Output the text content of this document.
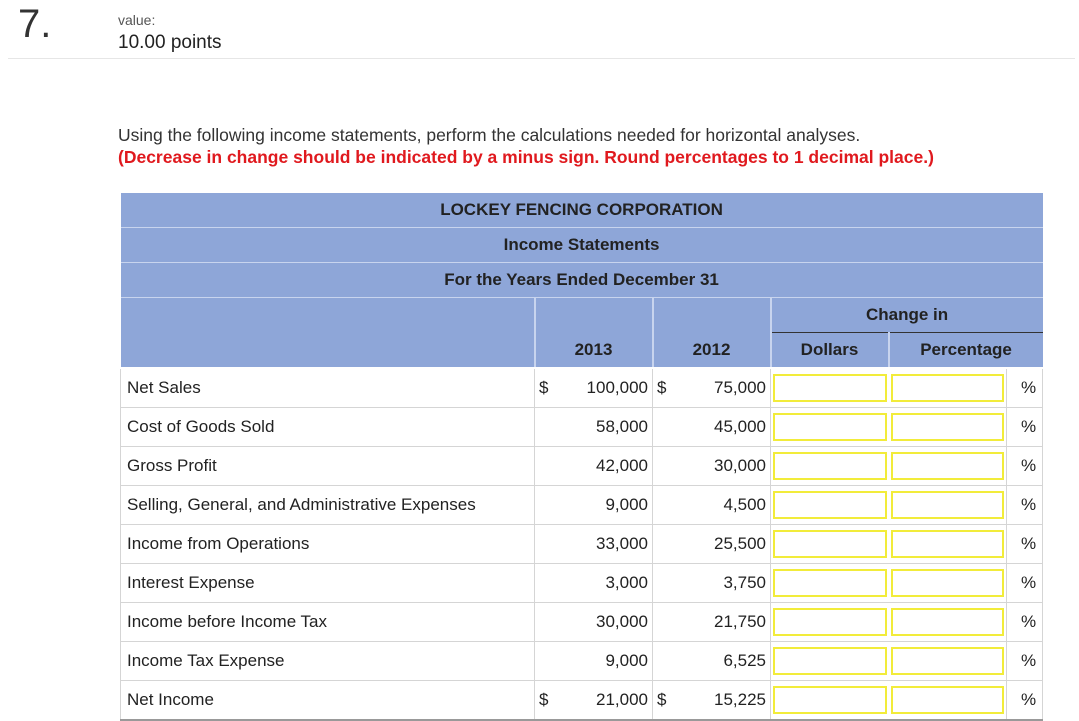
7.	value:
10.00 points
Using the following income statements, perform the calculations needed for horizontal analyses.
(Decrease in change should be indicated by a minus sign. Round percentages to 1 decimal place.)
LOCKEY FENCING CORPORATION							
Income Statements							
For the Years Ended December 31							
					Change in		
	2013		2012		Dollars	Percentage	
Net Sales	$	100,000	$	75,000			%
Cost of Goods Sold		58,000		45,000			%
Gross Profit		42,000		30,000			%
Selling, General, and Administrative Expenses		9,000		4,500			%
Income from Operations		33,000		25,500			%
Interest Expense		3,000		3,750			%
Income before Income Tax		30,000		21,750			%
Income Tax Expense		9,000		6,525			%
Net Income	$	21,000	$	15,225			%
